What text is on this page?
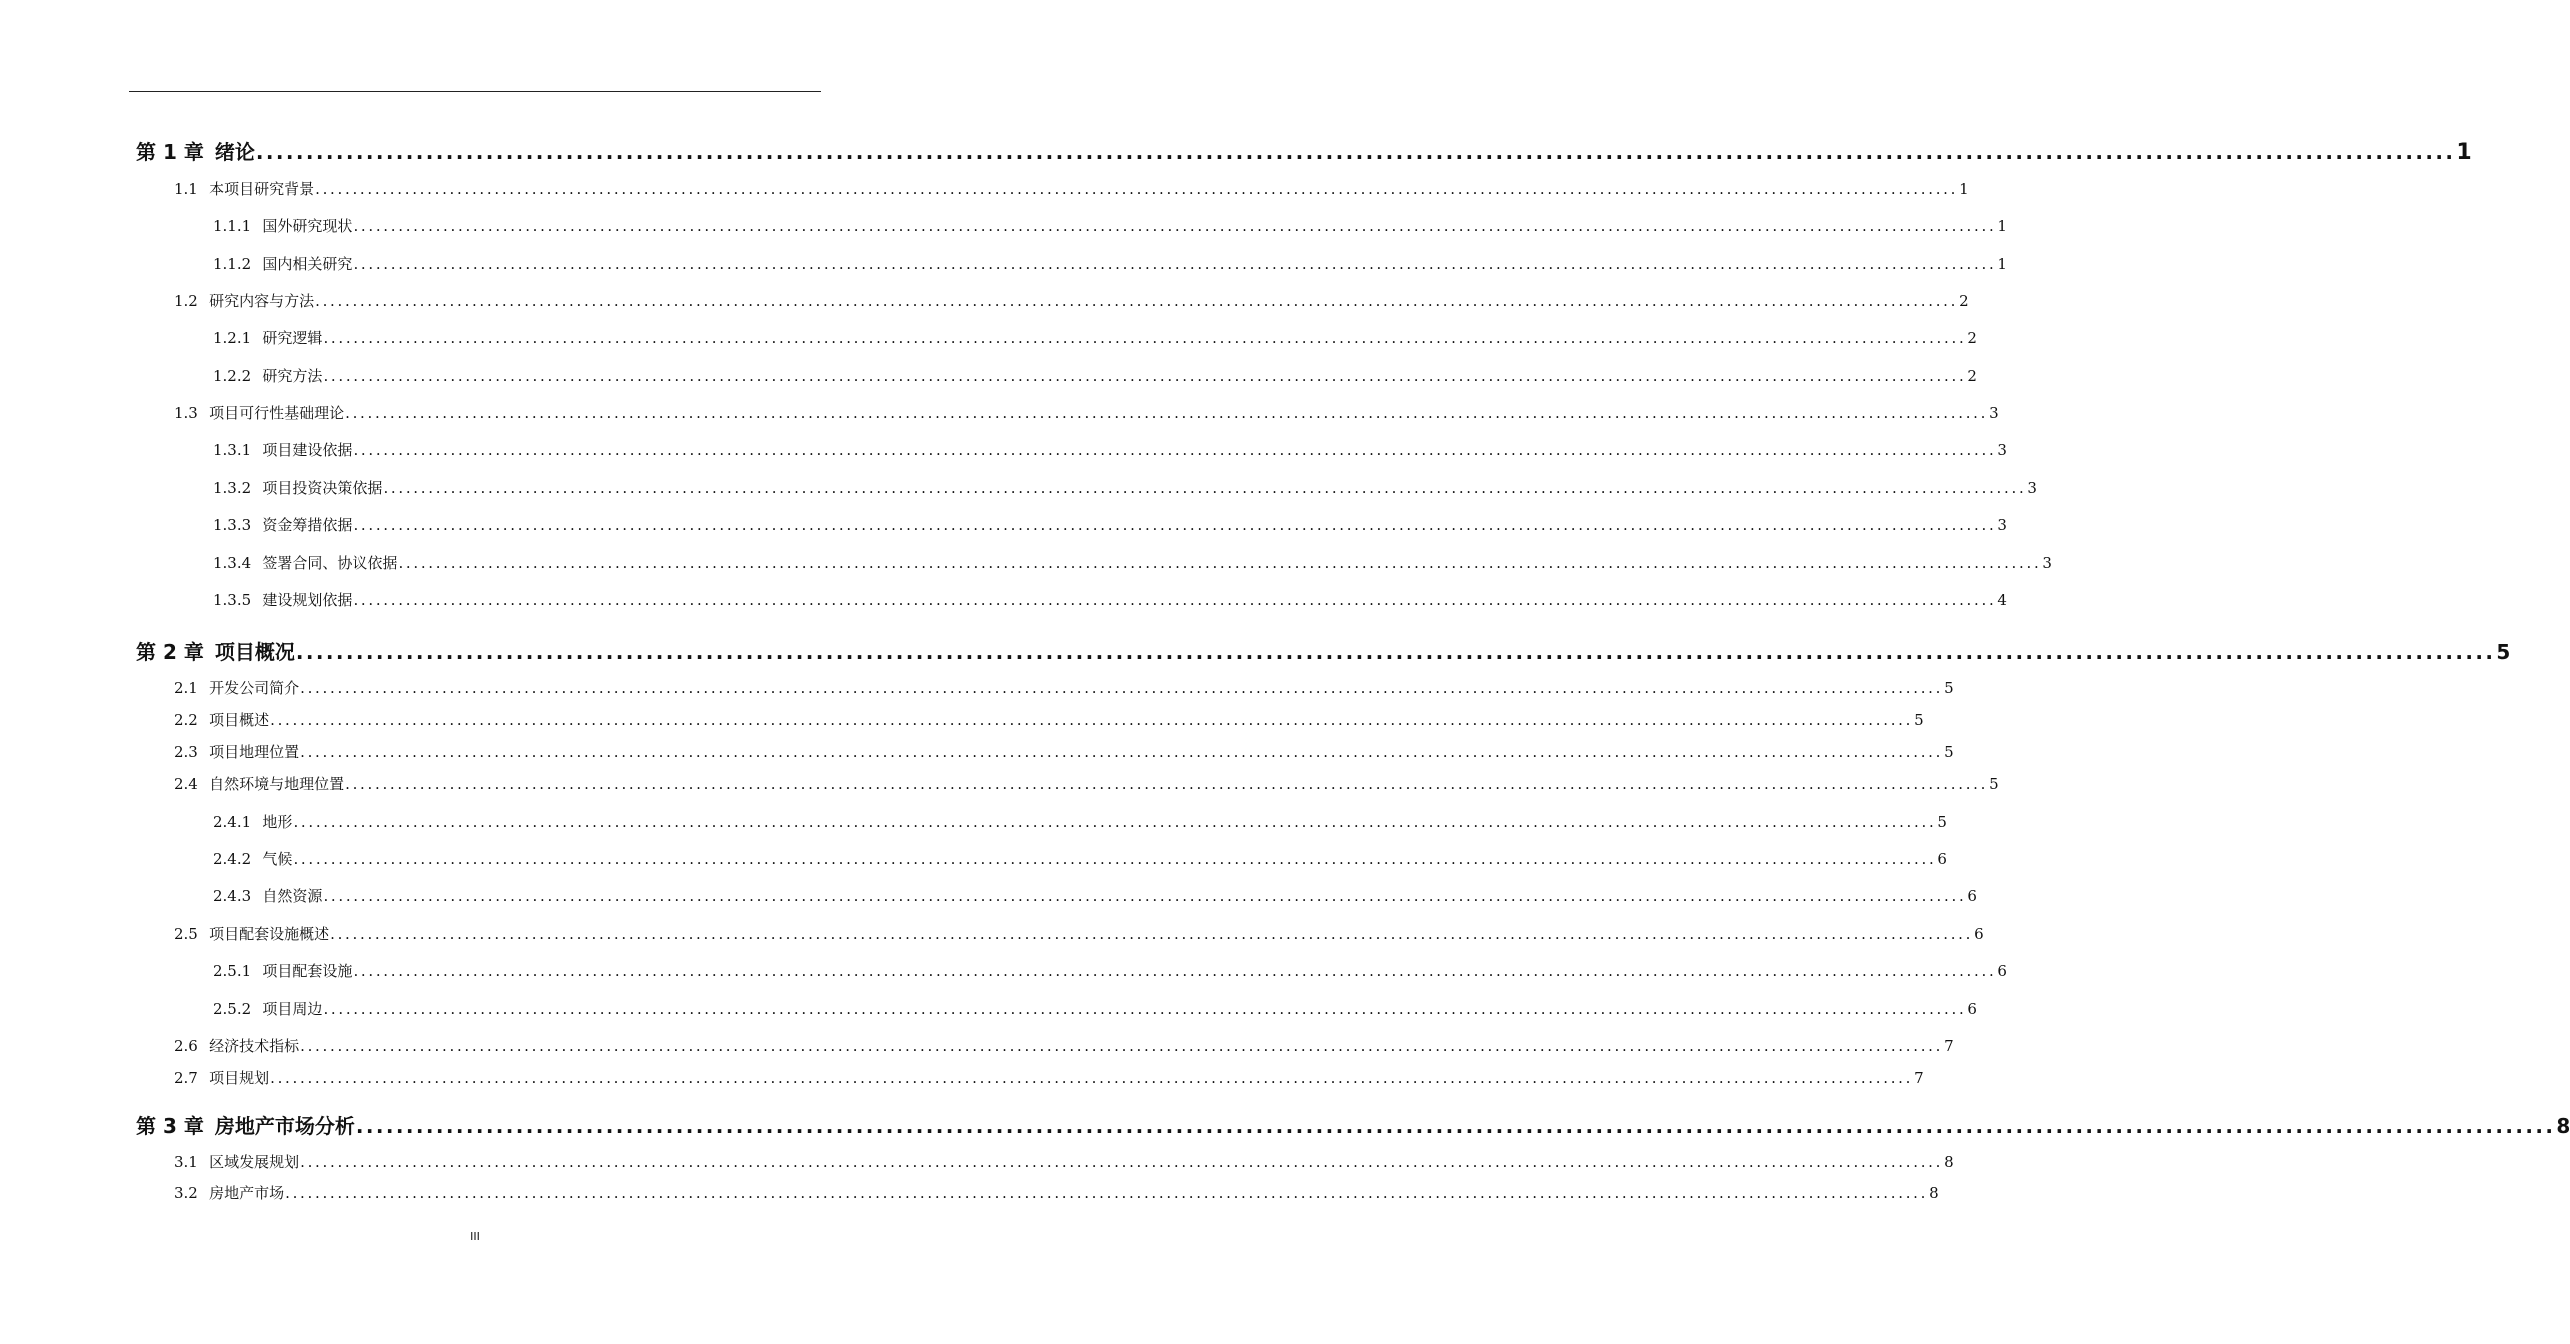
第 1 章 绪论 ............................................................................................................................................................................................................................ 1
1.1 本项目研究背景 ............................................................................................................................................................................................................................ 1
1.1.1 国外研究现状 ............................................................................................................................................................................................................................ 1
1.1.2 国内相关研究 ............................................................................................................................................................................................................................ 1
1.2 研究内容与方法 ............................................................................................................................................................................................................................ 2
1.2.1 研究逻辑 ............................................................................................................................................................................................................................ 2
1.2.2 研究方法 ............................................................................................................................................................................................................................ 2
1.3 项目可行性基础理论 ............................................................................................................................................................................................................................ 3
1.3.1 项目建设依据 ............................................................................................................................................................................................................................ 3
1.3.2 项目投资决策依据 ............................................................................................................................................................................................................................ 3
1.3.3 资金筹措依据 ............................................................................................................................................................................................................................ 3
1.3.4 签署合同、协议依据 ............................................................................................................................................................................................................................ 3
1.3.5 建设规划依据 ............................................................................................................................................................................................................................ 4
第 2 章 项目概况 ............................................................................................................................................................................................................................ 5
2.1 开发公司简介 ............................................................................................................................................................................................................................ 5
2.2 项目概述 ............................................................................................................................................................................................................................ 5
2.3 项目地理位置 ............................................................................................................................................................................................................................ 5
2.4 自然环境与地理位置 ............................................................................................................................................................................................................................ 5
2.4.1 地形 ............................................................................................................................................................................................................................ 5
2.4.2 气候 ............................................................................................................................................................................................................................ 6
2.4.3 自然资源 ............................................................................................................................................................................................................................ 6
2.5 项目配套设施概述 ............................................................................................................................................................................................................................ 6
2.5.1 项目配套设施 ............................................................................................................................................................................................................................ 6
2.5.2 项目周边 ............................................................................................................................................................................................................................ 6
2.6 经济技术指标 ............................................................................................................................................................................................................................ 7
2.7 项目规划 ............................................................................................................................................................................................................................ 7
第 3 章 房地产市场分析 ............................................................................................................................................................................................................................ 8
3.1 区域发展规划 ............................................................................................................................................................................................................................ 8
3.2 房地产市场 ............................................................................................................................................................................................................................ 8
III
